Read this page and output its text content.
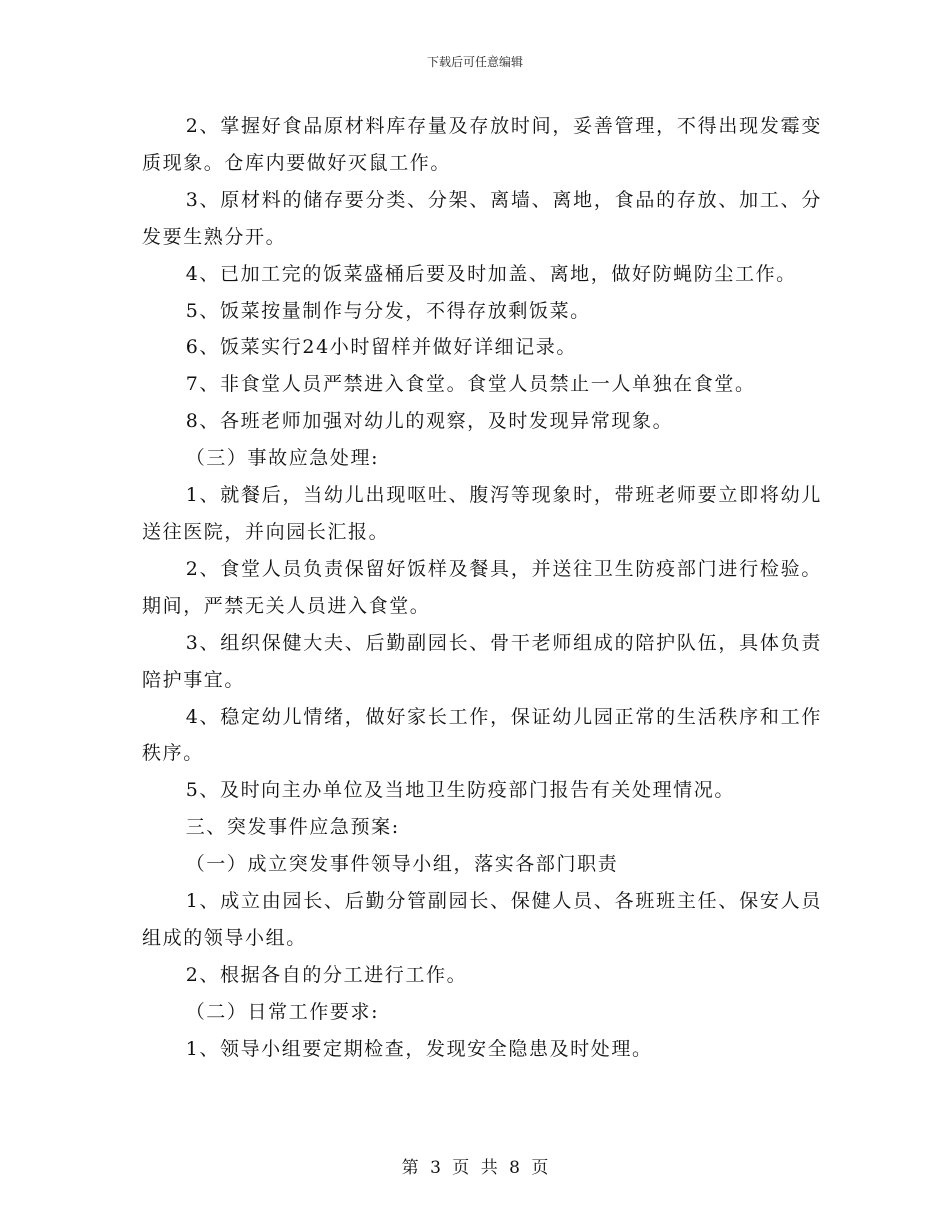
下载后可任意编辑

2、掌握好食品原材料库存量及存放时间，妥善管理，不得出现发霉变质现象。仓库内要做好灭鼠工作。

3、原材料的储存要分类、分架、离墙、离地，食品的存放、加工、分发要生熟分开。

4、已加工完的饭菜盛桶后要及时加盖、离地，做好防蝇防尘工作。

5、饭菜按量制作与分发，不得存放剩饭菜。

6、饭菜实行24小时留样并做好详细记录。

7、非食堂人员严禁进入食堂。食堂人员禁止一人单独在食堂。

8、各班老师加强对幼儿的观察，及时发现异常现象。

（三）事故应急处理:

1、就餐后，当幼儿出现呕吐、腹泻等现象时，带班老师要立即将幼儿送往医院，并向园长汇报。

2、食堂人员负责保留好饭样及餐具，并送往卫生防疫部门进行检验。期间，严禁无关人员进入食堂。

3、组织保健大夫、后勤副园长、骨干老师组成的陪护队伍，具体负责陪护事宜。

4、稳定幼儿情绪，做好家长工作，保证幼儿园正常的生活秩序和工作秩序。

5、及时向主办单位及当地卫生防疫部门报告有关处理情况。

三、突发事件应急预案:

（一）成立突发事件领导小组，落实各部门职责

1、成立由园长、后勤分管副园长、保健人员、各班班主任、保安人员组成的领导小组。

2、根据各自的分工进行工作。

（二）日常工作要求:

1、领导小组要定期检查，发现安全隐患及时处理。

第 3 页 共 8 页
